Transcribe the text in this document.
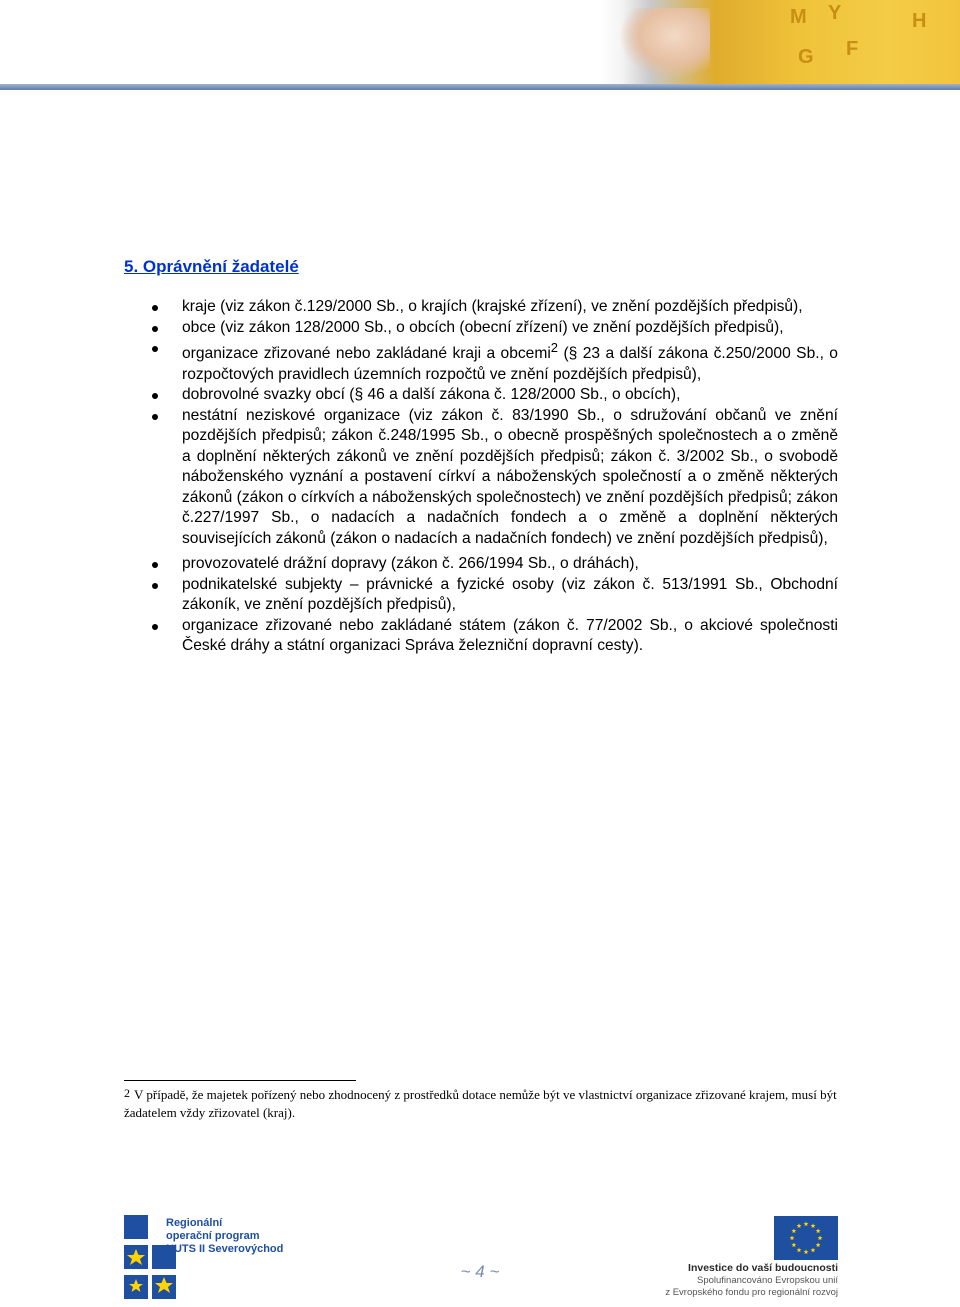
M Y
G F
H
5. Oprávnění žadatelé
kraje (viz zákon č.129/2000 Sb., o krajích (krajské zřízení), ve znění pozdějších předpisů),
obce (viz zákon 128/2000 Sb., o obcích (obecní zřízení) ve znění pozdějších předpisů),
organizace zřizované nebo zakládané kraji a obcemi$^2$ (§ 23 a další zákona č.250/2000 Sb., o rozpočtových pravidlech územních rozpočtů ve znění pozdějších předpisů),
dobrovolné svazky obcí (§ 46 a další zákona č. 128/2000 Sb., o obcích),
nestátní neziskové organizace (viz zákon č. 83/1990 Sb., o sdružování občanů ve znění pozdějších předpisů; zákon č.248/1995 Sb., o obecně prospěšných společnostech a o změně a doplnění některých zákonů ve znění pozdějších předpisů; zákon č. 3/2002 Sb., o svobodě náboženského vyznání a postavení církví a náboženských společností a o změně některých zákonů (zákon o církvích a náboženských společnostech) ve znění pozdějších předpisů; zákon č.227/1997 Sb., o nadacích a nadačních fondech a o změně a doplnění některých souvisejících zákonů (zákon o nadacích a nadačních fondech) ve znění pozdějších předpisů),
provozovatelé drážní dopravy (zákon č. 266/1994 Sb., o dráhách),
podnikatelské subjekty – právnické a fyzické osoby (viz zákon č. 513/1991 Sb., Obchodní zákoník, ve znění pozdějších předpisů),
organizace zřizované nebo zakládané státem (zákon č. 77/2002 Sb., o akciové společnosti České dráhy a státní organizaci Správa železniční dopravní cesty).

$^2$ V případě, že majetek pořízený nebo zhodnocený z prostředků dotace nemůže být ve vlastnictví organizace zřizované krajem, musí být žadatelem vždy zřizovatel (kraj).

Regionální
operační program
NUTS II Severovýchod
~ 4 ~	Investice do vaší budoucnosti
Spolufinancováno Evropskou unií
z Evropského fondu pro regionální rozvoj
